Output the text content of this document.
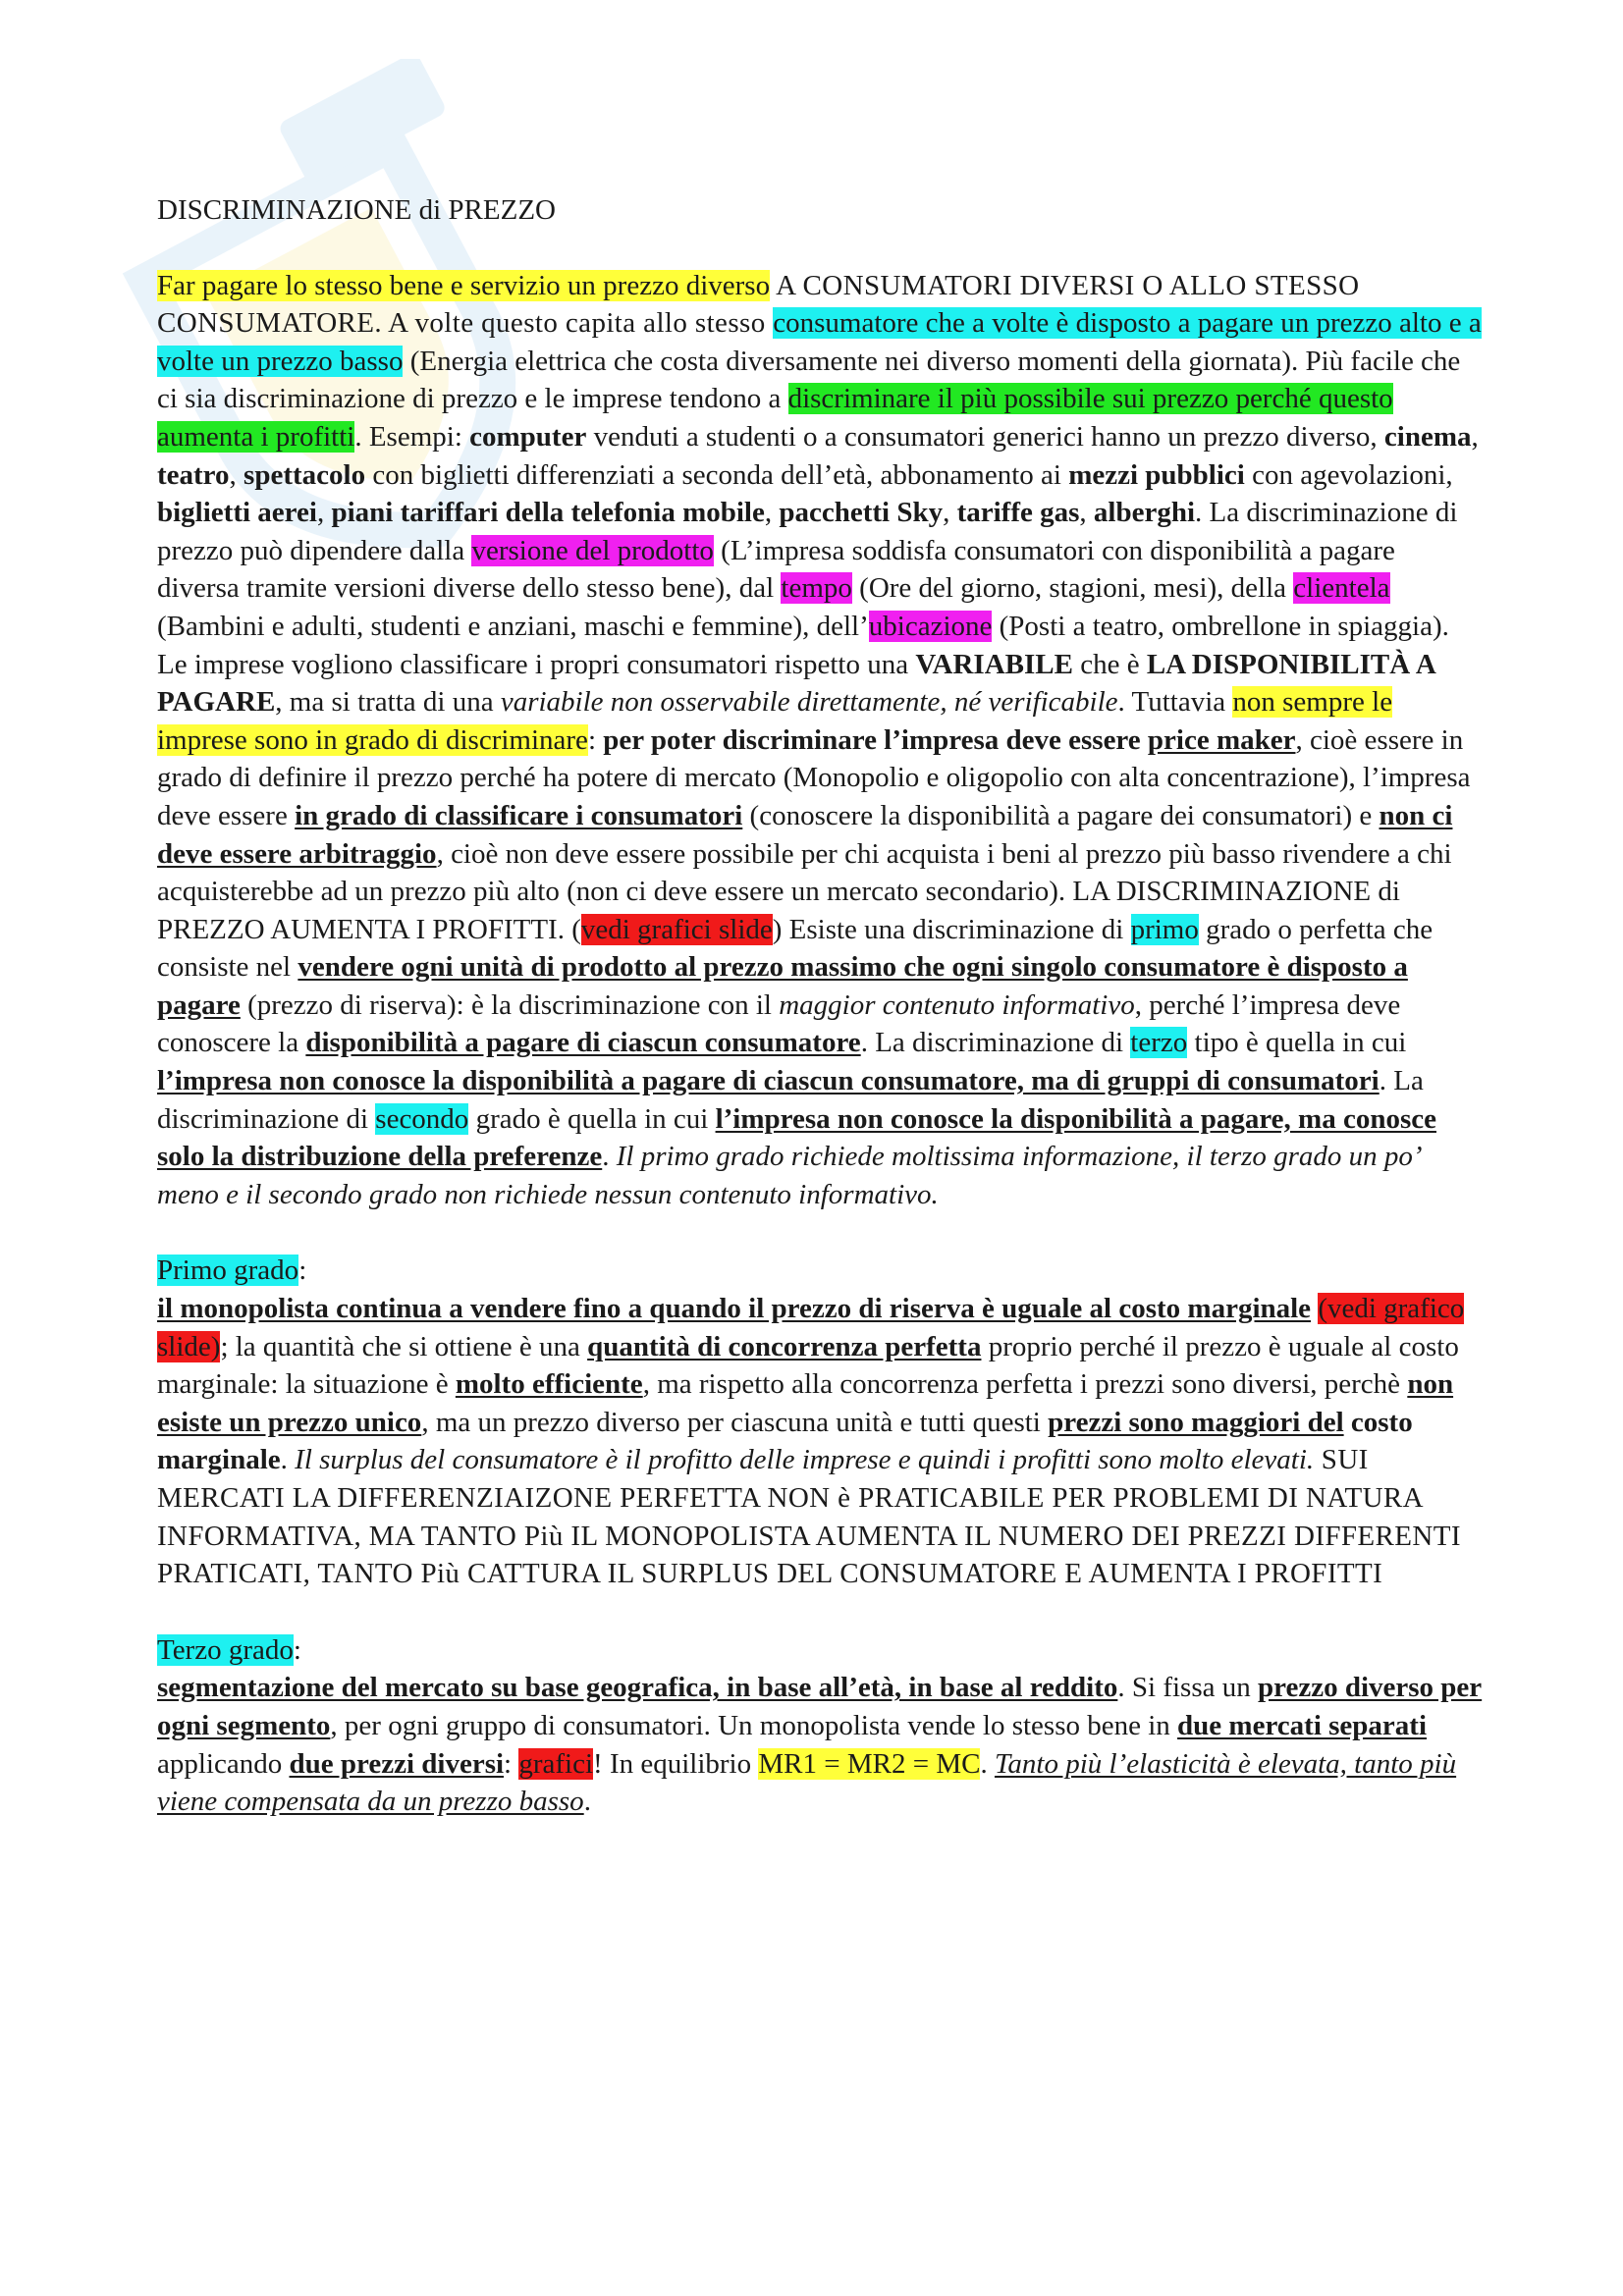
DISCRIMINAZIONE di PREZZO

Far pagare lo stesso bene e servizio un prezzo diverso A CONSUMATORI DIVERSI O ALLO STESSO CONSUMATORE. A volte questo capita allo stesso consumatore che a volte è disposto a pagare un prezzo alto e a volte un prezzo basso (Energia elettrica che costa diversamente nei diverso momenti della giornata). Più facile che ci sia discriminazione di prezzo e le imprese tendono a discriminare il più possibile sui prezzo perché questo aumenta i profitti. Esempi: computer venduti a studenti o a consumatori generici hanno un prezzo diverso, cinema, teatro, spettacolo con biglietti differenziati a seconda dell’età, abbonamento ai mezzi pubblici con agevolazioni, biglietti aerei, piani tariffari della telefonia mobile, pacchetti Sky, tariffe gas, alberghi. La discriminazione di prezzo può dipendere dalla versione del prodotto (L’impresa soddisfa consumatori con disponibilità a pagare diversa tramite versioni diverse dello stesso bene), dal tempo (Ore del giorno, stagioni, mesi), della clientela (Bambini e adulti, studenti e anziani, maschi e femmine), dell’ubicazione (Posti a teatro, ombrellone in spiaggia). Le imprese vogliono classificare i propri consumatori rispetto una VARIABILE che è LA DISPONIBILITÀ A PAGARE, ma si tratta di una variabile non osservabile direttamente, né verificabile. Tuttavia non sempre le imprese sono in grado di discriminare: per poter discriminare l’impresa deve essere price maker, cioè essere in grado di definire il prezzo perché ha potere di mercato (Monopolio e oligopolio con alta concentrazione), l’impresa deve essere in grado di classificare i consumatori (conoscere la disponibilità a pagare dei consumatori) e non ci deve essere arbitraggio, cioè non deve essere possibile per chi acquista i beni al prezzo più basso rivendere a chi acquisterebbe ad un prezzo più alto (non ci deve essere un mercato secondario). LA DISCRIMINAZIONE di PREZZO AUMENTA I PROFITTI. (vedi grafici slide) Esiste una discriminazione di primo grado o perfetta che consiste nel vendere ogni unità di prodotto al prezzo massimo che ogni singolo consumatore è disposto a pagare (prezzo di riserva): è la discriminazione con il maggior contenuto informativo, perché l’impresa deve conoscere la disponibilità a pagare di ciascun consumatore. La discriminazione di terzo tipo è quella in cui l’impresa non conosce la disponibilità a pagare di ciascun consumatore, ma di gruppi di consumatori. La discriminazione di secondo grado è quella in cui l’impresa non conosce la disponibilità a pagare, ma conosce solo la distribuzione della preferenze. Il primo grado richiede moltissima informazione, il terzo grado un po’ meno e il secondo grado non richiede nessun contenuto informativo.

Primo grado:

il monopolista continua a vendere fino a quando il prezzo di riserva è uguale al costo marginale (vedi grafico slide); la quantità che si ottiene è una quantità di concorrenza perfetta proprio perché il prezzo è uguale al costo marginale: la situazione è molto efficiente, ma rispetto alla concorrenza perfetta i prezzi sono diversi, perchè non esiste un prezzo unico, ma un prezzo diverso per ciascuna unità e tutti questi prezzi sono maggiori del costo marginale. Il surplus del consumatore è il profitto delle imprese e quindi i profitti sono molto elevati. SUI MERCATI LA DIFFERENZIAIZONE PERFETTA NON è PRATICABILE PER PROBLEMI DI NATURA INFORMATIVA, MA TANTO Più IL MONOPOLISTA AUMENTA IL NUMERO DEI PREZZI DIFFERENTI PRATICATI, TANTO Più CATTURA IL SURPLUS DEL CONSUMATORE E AUMENTA I PROFITTI

Terzo grado:

segmentazione del mercato su base geografica, in base all’età, in base al reddito. Si fissa un prezzo diverso per ogni segmento, per ogni gruppo di consumatori. Un monopolista vende lo stesso bene in due mercati separati applicando due prezzi diversi: grafici! In equilibrio MR1 = MR2 = MC. Tanto più l’elasticità è elevata, tanto più viene compensata da un prezzo basso.
